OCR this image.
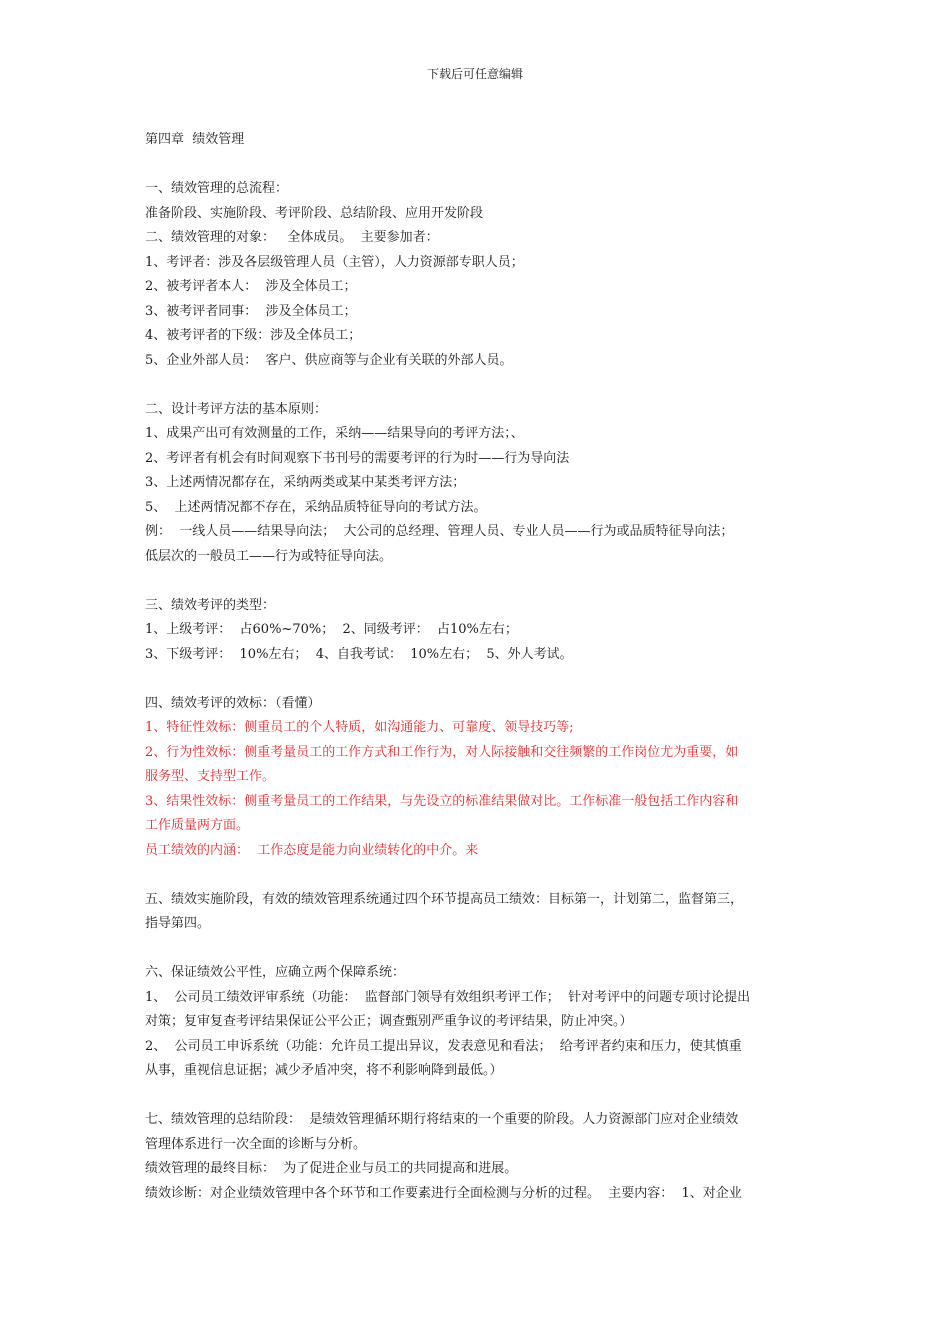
下载后可任意编辑

第四章  绩效管理

一、绩效管理的总流程：

准备阶段、实施阶段、考评阶段、总结阶段、应用开发阶段

二、绩效管理的对象：   全体成员。  主要参加者：

1、考评者：涉及各层级管理人员（主管），人力资源部专职人员；

2、被考评者本人：  涉及全体员工；

3、被考评者同事：  涉及全体员工；

4、被考评者的下级：涉及全体员工；

5、企业外部人员：  客户、供应商等与企业有关联的外部人员。

二、设计考评方法的基本原则：

1、成果产出可有效测量的工作，采纳——结果导向的考评方法；、

2、考评者有机会有时间观察下书刊号的需要考评的行为时——行为导向法

3、上述两情况都存在，采纳两类或某中某类考评方法；

5、  上述两情况都不存在，采纳品质特征导向的考试方法。

例：  一线人员——结果导向法；  大公司的总经理、管理人员、专业人员——行为或品质特征导向法；

低层次的一般员工——行为或特征导向法。

三、绩效考评的类型：

1、上级考评：  占60%~70%；  2、同级考评：  占10%左右；

3、下级考评：  10%左右；  4、自我考试：  10%左右；  5、外人考试。

四、绩效考评的效标：（看懂）

1、特征性效标：侧重员工的个人特质，如沟通能力、可靠度、领导技巧等;

2、行为性效标：侧重考量员工的工作方式和工作行为，对人际接触和交往频繁的工作岗位尤为重要，如

服务型、支持型工作。

3、结果性效标：侧重考量员工的工作结果，与先设立的标准结果做对比。工作标准一般包括工作内容和

工作质量两方面。

员工绩效的内涵：  工作态度是能力向业绩转化的中介。来

五、绩效实施阶段，有效的绩效管理系统通过四个环节提高员工绩效：目标第一，计划第二，监督第三，

指导第四。

六、保证绩效公平性，应确立两个保障系统：

1、  公司员工绩效评审系统（功能：  监督部门领导有效组织考评工作；  针对考评中的问题专项讨论提出

对策；复审复查考评结果保证公平公正；调查甄别严重争议的考评结果，防止冲突。）

2、  公司员工申诉系统（功能：允许员工提出异议，发表意见和看法；  给考评者约束和压力，使其慎重

从事，重视信息证据；减少矛盾冲突，将不利影响降到最低。）

七、绩效管理的总结阶段：  是绩效管理循环期行将结束的一个重要的阶段。人力资源部门应对企业绩效

管理体系进行一次全面的诊断与分析。

绩效管理的最终目标：  为了促进企业与员工的共同提高和进展。

绩效诊断：对企业绩效管理中各个环节和工作要素进行全面检测与分析的过程。  主要内容：  1、对企业
